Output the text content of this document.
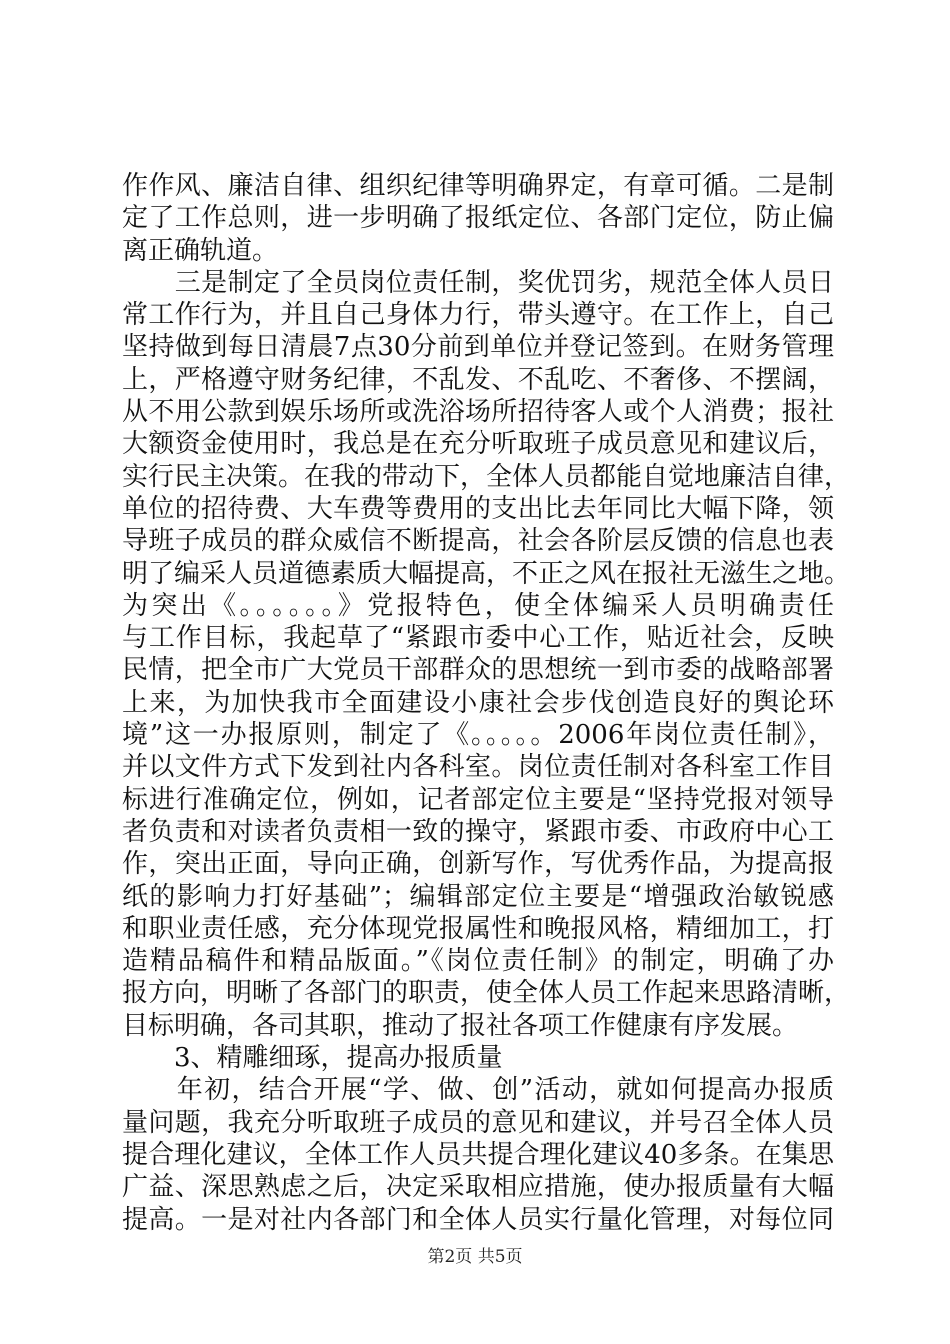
作作风、廉洁自律、组织纪律等明确界定，有章可循。二是制
定了工作总则，进一步明确了报纸定位、各部门定位，防止偏
离正确轨道。
　　三是制定了全员岗位责任制，奖优罚劣，规范全体人员日
常工作行为，并且自己身体力行，带头遵守。在工作上，自己
坚持做到每日清晨7点30分前到单位并登记签到。在财务管理
上，严格遵守财务纪律，不乱发、不乱吃、不奢侈、不摆阔，
从不用公款到娱乐场所或洗浴场所招待客人或个人消费；报社
大额资金使用时，我总是在充分听取班子成员意见和建议后，
实行民主决策。在我的带动下，全体人员都能自觉地廉洁自律，
单位的招待费、大车费等费用的支出比去年同比大幅下降，领
导班子成员的群众威信不断提高，社会各阶层反馈的信息也表
明了编采人员道德素质大幅提高，不正之风在报社无滋生之地。
为突出《。。。。。。》党报特色，使全体编采人员明确责任
与工作目标，我起草了“紧跟市委中心工作，贴近社会，反映
民情，把全市广大党员干部群众的思想统一到市委的战略部署
上来，为加快我市全面建设小康社会步伐创造良好的舆论环
境”这一办报原则，制定了《。。。。。2006年岗位责任制》，
并以文件方式下发到社内各科室。岗位责任制对各科室工作目
标进行准确定位，例如，记者部定位主要是“坚持党报对领导
者负责和对读者负责相一致的操守，紧跟市委、市政府中心工
作，突出正面，导向正确，创新写作，写优秀作品，为提高报
纸的影响力打好基础”；编辑部定位主要是“增强政治敏锐感
和职业责任感，充分体现党报属性和晚报风格，精细加工，打
造精品稿件和精品版面。”《岗位责任制》的制定，明确了办
报方向，明晰了各部门的职责，使全体人员工作起来思路清晰，
目标明确，各司其职，推动了报社各项工作健康有序发展。
　　3、精雕细琢，提高办报质量
　　年初，结合开展“学、做、创”活动，就如何提高办报质
量问题，我充分听取班子成员的意见和建议，并号召全体人员
提合理化建议，全体工作人员共提合理化建议40多条。在集思
广益、深思熟虑之后，决定采取相应措施，使办报质量有大幅
提高。一是对社内各部门和全体人员实行量化管理，对每位同
第2页 共5页
